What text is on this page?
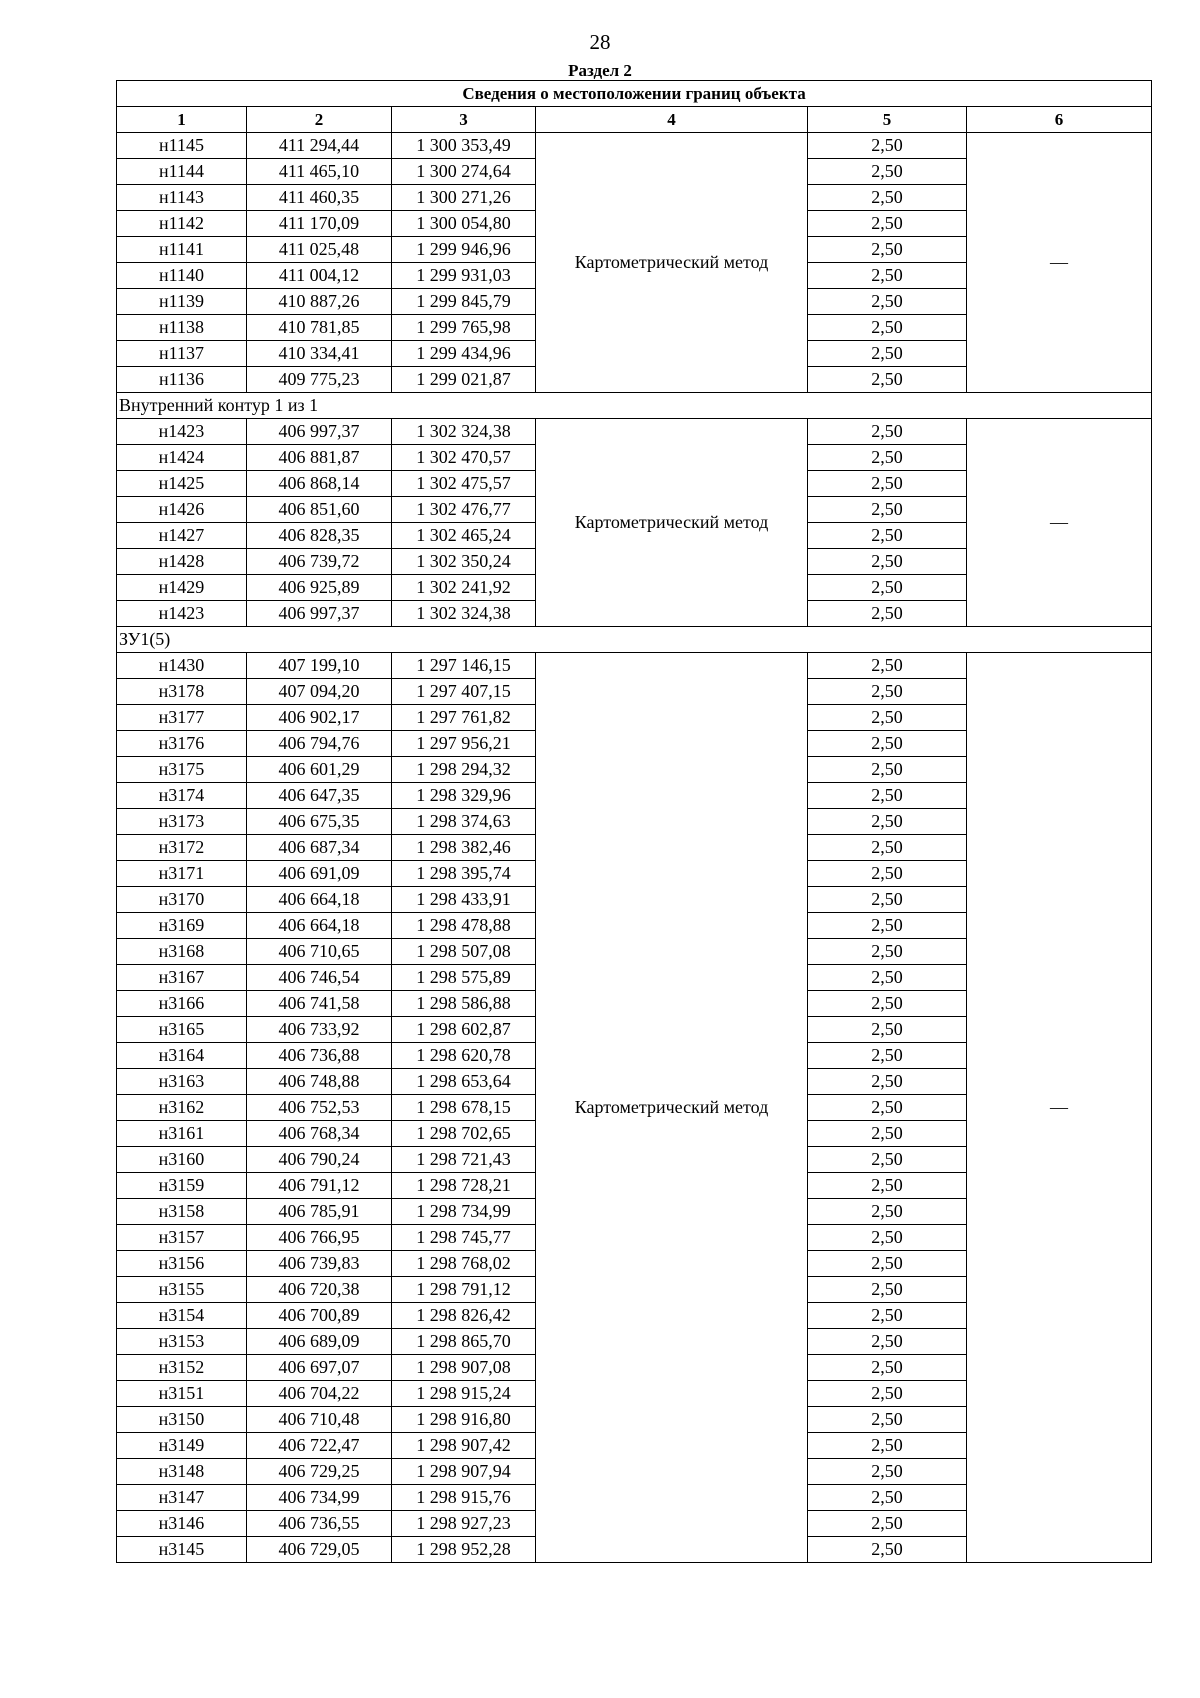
28
Раздел 2
Сведения о местоположении границ объекта					
1	2	3	4	5	6
н1145	411 294,44	1 300 353,49	Картометрический метод	2,50	—
н1144	411 465,10	1 300 274,64		2,50	
н1143	411 460,35	1 300 271,26		2,50	
н1142	411 170,09	1 300 054,80		2,50	
н1141	411 025,48	1 299 946,96		2,50	
н1140	411 004,12	1 299 931,03		2,50	
н1139	410 887,26	1 299 845,79		2,50	
н1138	410 781,85	1 299 765,98		2,50	
н1137	410 334,41	1 299 434,96		2,50	
н1136	409 775,23	1 299 021,87		2,50	
Внутренний контур 1 из 1					
н1423	406 997,37	1 302 324,38	Картометрический метод	2,50	—
н1424	406 881,87	1 302 470,57		2,50	
н1425	406 868,14	1 302 475,57		2,50	
н1426	406 851,60	1 302 476,77		2,50	
н1427	406 828,35	1 302 465,24		2,50	
н1428	406 739,72	1 302 350,24		2,50	
н1429	406 925,89	1 302 241,92		2,50	
н1423	406 997,37	1 302 324,38		2,50	
ЗУ1(5)					
н1430	407 199,10	1 297 146,15	Картометрический метод	2,50	—
н3178	407 094,20	1 297 407,15		2,50	
н3177	406 902,17	1 297 761,82		2,50	
н3176	406 794,76	1 297 956,21		2,50	
н3175	406 601,29	1 298 294,32		2,50	
н3174	406 647,35	1 298 329,96		2,50	
н3173	406 675,35	1 298 374,63		2,50	
н3172	406 687,34	1 298 382,46		2,50	
н3171	406 691,09	1 298 395,74		2,50	
н3170	406 664,18	1 298 433,91		2,50	
н3169	406 664,18	1 298 478,88		2,50	
н3168	406 710,65	1 298 507,08		2,50	
н3167	406 746,54	1 298 575,89		2,50	
н3166	406 741,58	1 298 586,88		2,50	
н3165	406 733,92	1 298 602,87		2,50	
н3164	406 736,88	1 298 620,78		2,50	
н3163	406 748,88	1 298 653,64		2,50	
н3162	406 752,53	1 298 678,15		2,50	
н3161	406 768,34	1 298 702,65		2,50	
н3160	406 790,24	1 298 721,43		2,50	
н3159	406 791,12	1 298 728,21		2,50	
н3158	406 785,91	1 298 734,99		2,50	
н3157	406 766,95	1 298 745,77		2,50	
н3156	406 739,83	1 298 768,02		2,50	
н3155	406 720,38	1 298 791,12		2,50	
н3154	406 700,89	1 298 826,42		2,50	
н3153	406 689,09	1 298 865,70		2,50	
н3152	406 697,07	1 298 907,08		2,50	
н3151	406 704,22	1 298 915,24		2,50	
н3150	406 710,48	1 298 916,80		2,50	
н3149	406 722,47	1 298 907,42		2,50	
н3148	406 729,25	1 298 907,94		2,50	
н3147	406 734,99	1 298 915,76		2,50	
н3146	406 736,55	1 298 927,23		2,50	
н3145	406 729,05	1 298 952,28		2,50	
